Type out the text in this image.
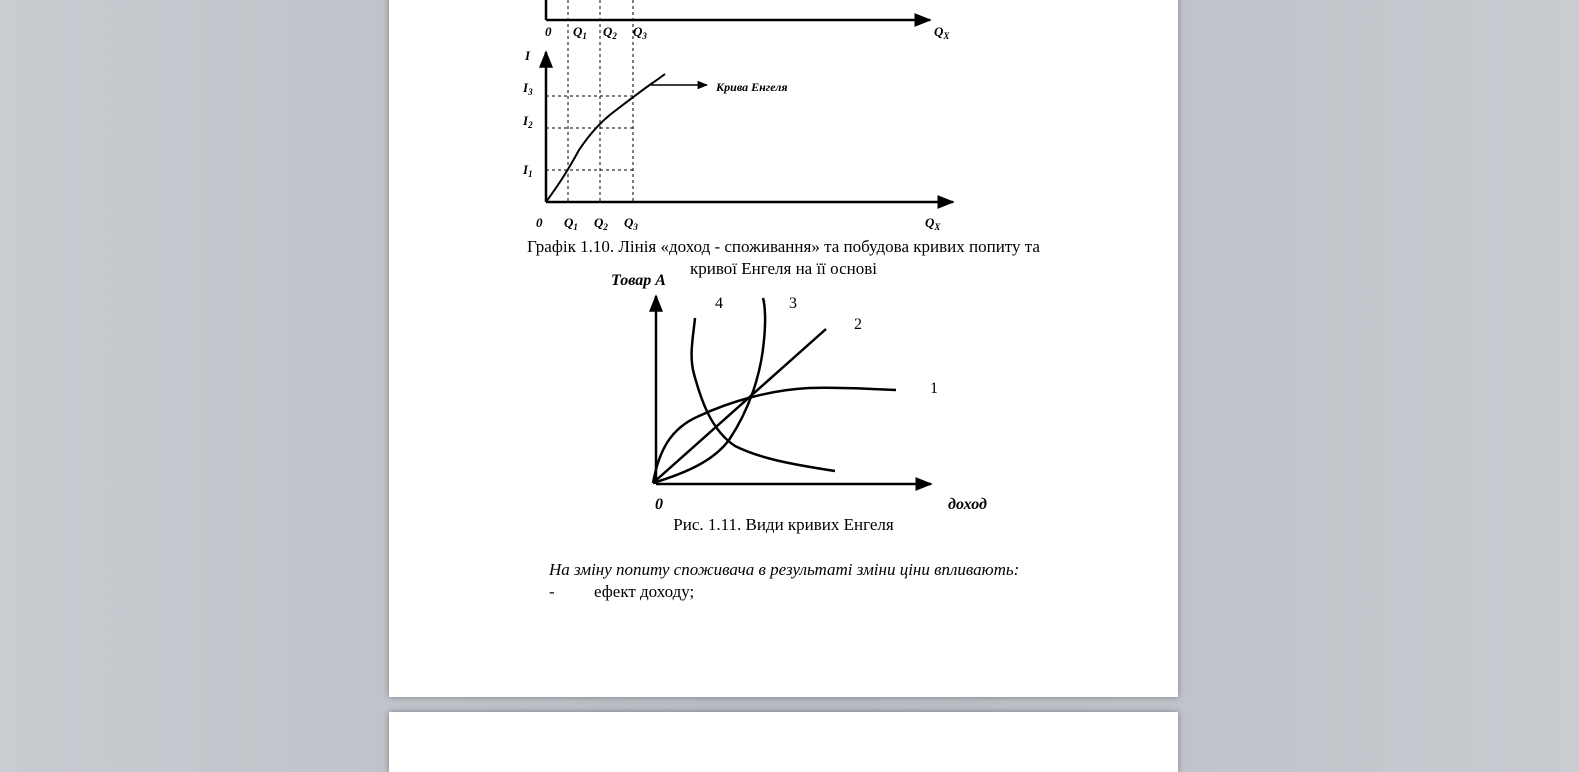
0 $Q_1$ $Q_2$ $Q_3$	$Q_X$
Крива Енгеля
I
$I_3$
$I_2$
$I_1$
0 $Q_1$ $Q_2$ $Q_3$	$Q_X$
Графік 1.10. Лінія «доход - споживання» та побудова кривих попиту та
кривої Енгеля на її основі
1
2
3
4
Товар А
0	доход
Рис. 1.11. Види кривих Енгеля
На зміну попиту споживача в результаті зміни ціни впливають:
- ефект доходу;
